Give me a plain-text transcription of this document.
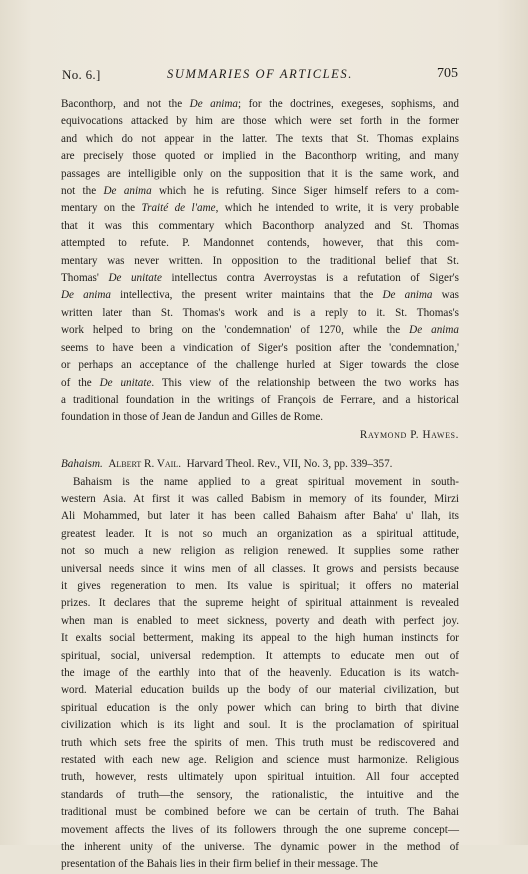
No. 6.]	SUMMARIES OF ARTICLES.	705
Baconthorp, and not the De anima; for the doctrines, exegeses, sophisms, and
equivocations attacked by him are those which were set forth in the former
and which do not appear in the latter. The texts that St. Thomas explains
are precisely those quoted or implied in the Baconthorp writing, and many
passages are intelligible only on the supposition that it is the same work, and
not the De anima which he is refuting. Since Siger himself refers to a com-
mentary on the Traité de l'ame, which he intended to write, it is very probable
that it was this commentary which Baconthorp analyzed and St. Thomas
attempted to refute. P. Mandonnet contends, however, that this com-
mentary was never written. In opposition to the traditional belief that St.
Thomas' De unitate intellectus contra Averroystas is a refutation of Siger's
De anima intellectiva, the present writer maintains that the De anima was
written later than St. Thomas's work and is a reply to it. St. Thomas's
work helped to bring on the 'condemnation' of 1270, while the De anima
seems to have been a vindication of Siger's position after the 'condemnation,'
or perhaps an acceptance of the challenge hurled at Siger towards the close
of the De unitate. This view of the relationship between the two works has
a traditional foundation in the writings of François de Ferrare, and a historical
foundation in those of Jean de Jandun and Gilles de Rome.
Raymond P. Hawes.
Bahaism. Albert R. Vail. Harvard Theol. Rev., VII, No. 3, pp. 339–357.
Bahaism is the name applied to a great spiritual movement in south-
western Asia. At first it was called Babism in memory of its founder, Mirzi
Ali Mohammed, but later it has been called Bahaism after Baha' u' llah, its
greatest leader. It is not so much an organization as a spiritual attitude,
not so much a new religion as religion renewed. It supplies some rather
universal needs since it wins men of all classes. It grows and persists because
it gives regeneration to men. Its value is spiritual; it offers no material
prizes. It declares that the supreme height of spiritual attainment is revealed
when man is enabled to meet sickness, poverty and death with perfect joy.
It exalts social betterment, making its appeal to the high human instincts for
spiritual, social, universal redemption. It attempts to educate men out of
the image of the earthly into that of the heavenly. Education is its watch-
word. Material education builds up the body of our material civilization, but
spiritual education is the only power which can bring to birth that divine
civilization which is its light and soul. It is the proclamation of spiritual
truth which sets free the spirits of men. This truth must be rediscovered and
restated with each new age. Religion and science must harmonize. Religious
truth, however, rests ultimately upon spiritual intuition. All four accepted
standards of truth—the sensory, the rationalistic, the intuitive and the
traditional must be combined before we can be certain of truth. The Bahai
movement affects the lives of its followers through the one supreme concept—
the inherent unity of the universe. The dynamic power in the method of
presentation of the Bahais lies in their firm belief in their message. The
